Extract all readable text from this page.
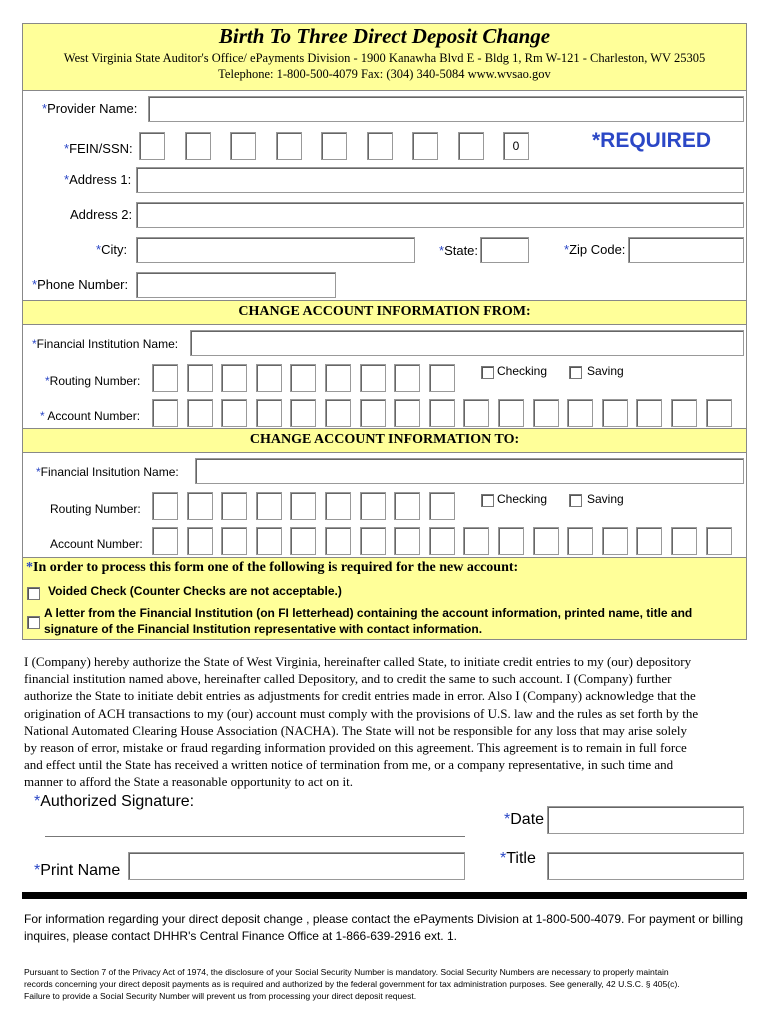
Birth To Three Direct Deposit Change
West Virginia State Auditor's Office/ ePayments Division - 1900 Kanawha Blvd E - Bldg 1, Rm W-121 - Charleston, WV 25305
Telephone: 1-800-500-4079 Fax: (304) 340-5084 www.wvsao.gov
*Provider Name:
*FEIN/SSN:	0	*REQUIRED
*Address 1:
Address 2:
*City:	*State:	*Zip Code:
*Phone Number:
CHANGE ACCOUNT INFORMATION FROM:
*Financial Institution Name:
*Routing Number:
Checking	Saving
* Account Number:
CHANGE ACCOUNT INFORMATION TO:
*Financial Insitution Name:
Routing Number:
Checking	Saving
Account Number:
*In order to process this form one of the following is required for the new account:
Voided Check (Counter Checks are not acceptable.)
A letter from the Financial Institution (on FI letterhead) containing the account information, printed name, title and
signature of the Financial Institution representative with contact information.
I (Company) hereby authorize the State of West Virginia, hereinafter called State, to initiate credit entries to my (our) depository
financial institution named above, hereinafter called Depository, and to credit the same to such account. I (Company) further
authorize the State to initiate debit entries as adjustments for credit entries made in error. Also I (Company) acknowledge that the
origination of ACH transactions to my (our) account must comply with the provisions of U.S. law and the rules as set forth by the
National Automated Clearing House Association (NACHA). The State will not be responsible for any loss that may arise solely
by reason of error, mistake or fraud regarding information provided on this agreement. This agreement is to remain in full force
and effect until the State has received a written notice of termination from me, or a company representative, in such time and
manner to afford the State a reasonable opportunity to act on it.
*Authorized Signature:
*Date
*Title
*Print Name
For information regarding your direct deposit change , please contact the ePayments Division at 1-800-500-4079. For payment or billing
inquires, please contact DHHR's Central Finance Office at 1-866-639-2916 ext. 1.
Pursuant to Section 7 of the Privacy Act of 1974, the disclosure of your Social Security Number is mandatory. Social Security Numbers are necessary to properly maintain
records concerning your direct deposit payments as is required and authorized by the federal government for tax administration purposes. See generally, 42 U.S.C. § 405(c).
Failure to provide a Social Security Number will prevent us from processing your direct deposit request.
